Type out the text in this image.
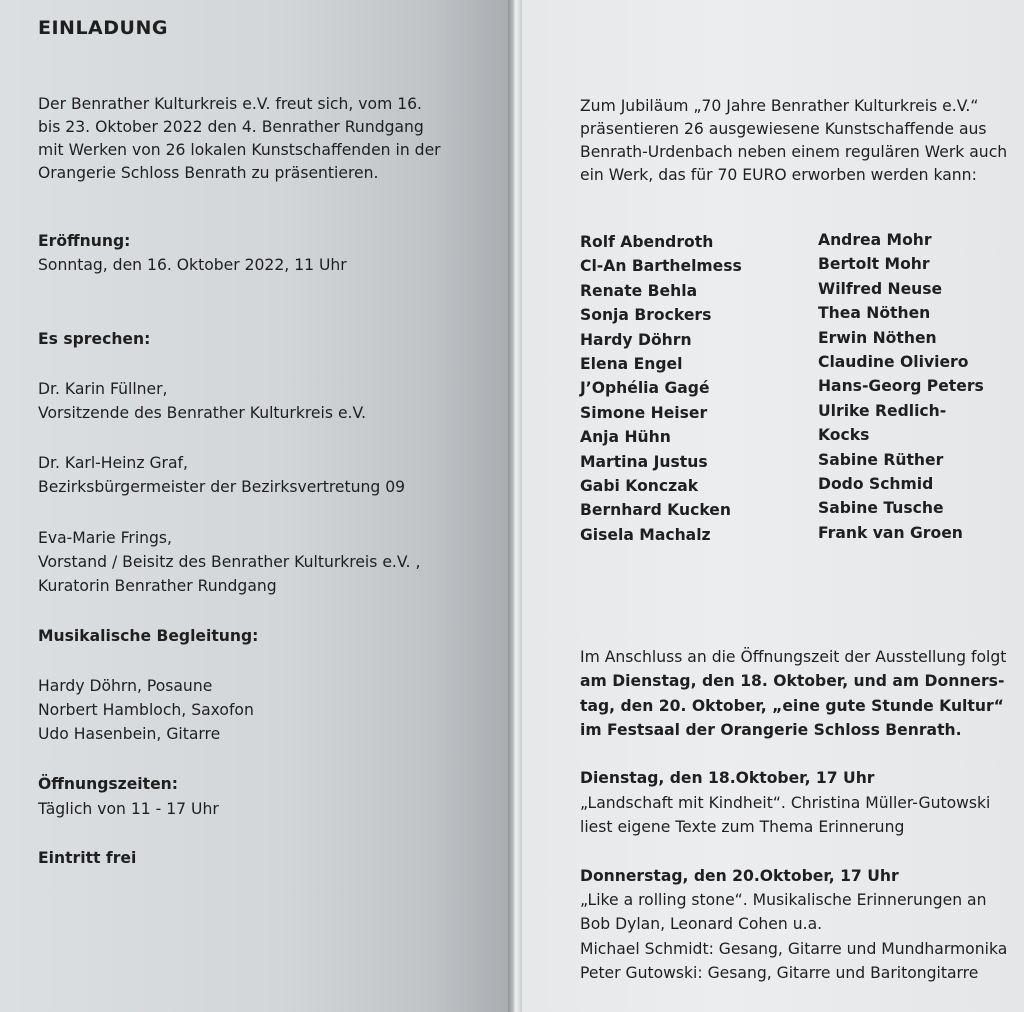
EINLADUNG
Der Benrather Kulturkreis e.V. freut sich, vom 16.
bis 23. Oktober 2022 den 4. Benrather Rundgang
mit Werken von 26 lokalen Kunstschaffenden in der
Orangerie Schloss Benrath zu präsentieren.
Eröffnung:
Sonntag, den 16. Oktober 2022, 11 Uhr
Es sprechen:
Dr. Karin Füllner,
Vorsitzende des Benrather Kulturkreis e.V.
Dr. Karl-Heinz Graf,
Bezirksbürgermeister der Bezirksvertretung 09
Eva-Marie Frings,
Vorstand / Beisitz des Benrather Kulturkreis e.V. ,
Kuratorin Benrather Rundgang
Musikalische Begleitung:
Hardy Döhrn, Posaune
Norbert Hambloch, Saxofon
Udo Hasenbein, Gitarre
Öffnungszeiten:
Täglich von 11 - 17 Uhr
Eintritt frei
Zum Jubiläum „70 Jahre Benrather Kulturkreis e.V.“
präsentieren 26 ausgewiesene Kunstschaffende aus
Benrath-Urdenbach neben einem regulären Werk auch
ein Werk, das für 70 EURO erworben werden kann:
Rolf Abendroth
Cl-An Barthelmess
Renate Behla
Sonja Brockers
Hardy Döhrn
Elena Engel
J’Ophélia Gagé
Simone Heiser
Anja Hühn
Martina Justus
Gabi Konczak
Bernhard Kucken
Gisela Machalz
Andrea Mohr
Bertolt Mohr
Wilfred Neuse
Thea Nöthen
Erwin Nöthen
Claudine Oliviero
Hans-Georg Peters
Ulrike Redlich-
Kocks
Sabine Rüther
Dodo Schmid
Sabine Tusche
Frank van Groen
Im Anschluss an die Öffnungszeit der Ausstellung folgt
am Dienstag, den 18. Oktober, und am Donners-
tag, den 20. Oktober, „eine gute Stunde Kultur“
im Festsaal der Orangerie Schloss Benrath.
Dienstag, den 18.Oktober, 17 Uhr
„Landschaft mit Kindheit“. Christina Müller-Gutowski
liest eigene Texte zum Thema Erinnerung
Donnerstag, den 20.Oktober, 17 Uhr
„Like a rolling stone“. Musikalische Erinnerungen an
Bob Dylan, Leonard Cohen u.a.
Michael Schmidt: Gesang, Gitarre und Mundharmonika
Peter Gutowski: Gesang, Gitarre und Baritongitarre
